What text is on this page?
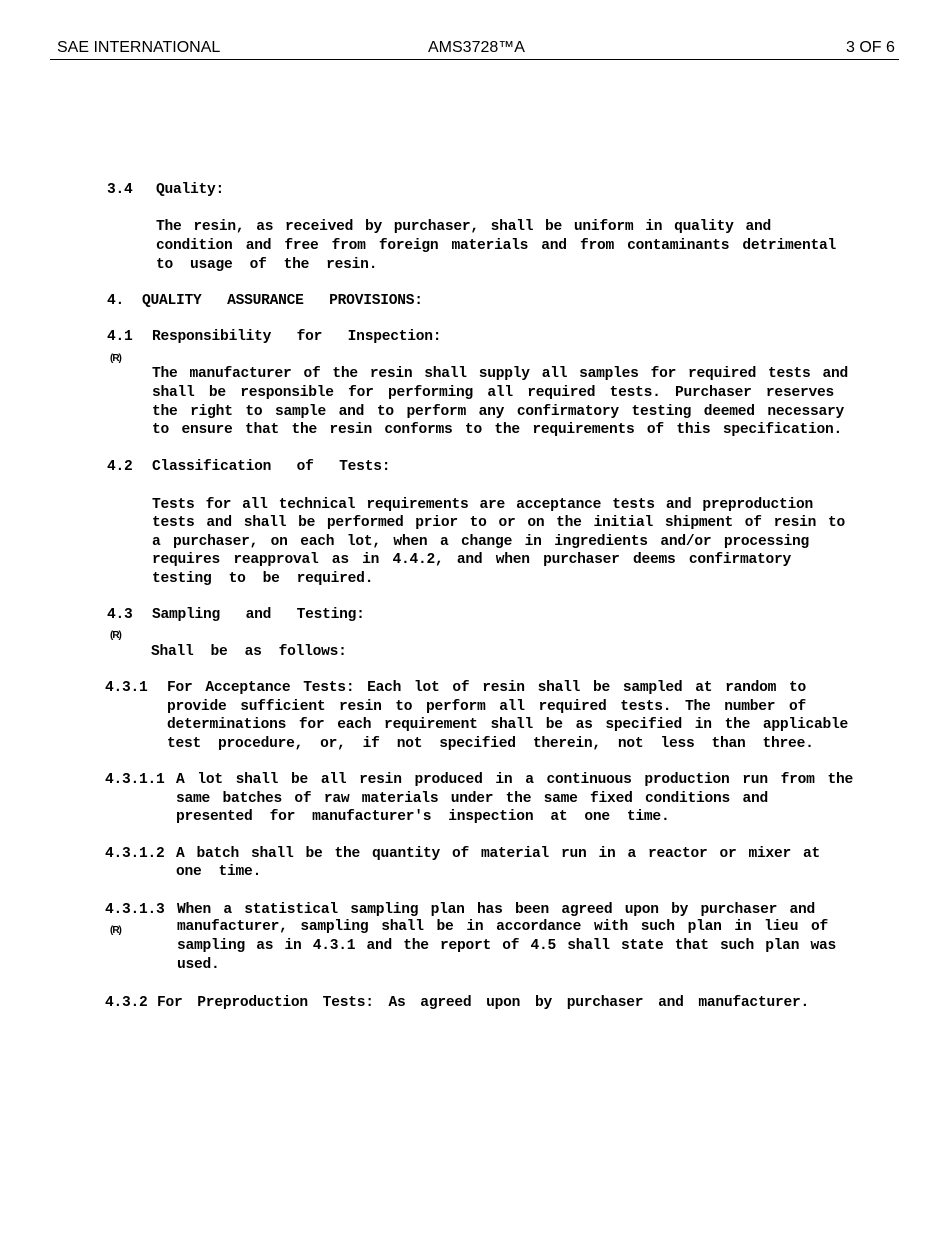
SAE INTERNATIONAL	AMS3728™A	3 OF 6
3.4 Quality:
The resin, as received by purchaser, shall be uniform in quality and
condition and free from foreign materials and from contaminants detrimental
to  usage  of  the  resin.
4. QUALITY   ASSURANCE   PROVISIONS:
4.1 Responsibility   for   Inspection:
(R)
The manufacturer of the resin shall supply all samples for required tests and
shall be responsible for performing all required tests. Purchaser reserves
the right to sample and to perform any confirmatory testing deemed necessary
to ensure that the resin conforms to the requirements of this specification.
4.2 Classification   of   Tests:
Tests for all technical requirements are acceptance tests and preproduction
tests and shall be performed prior to or on the initial shipment of resin to
a purchaser, on each lot, when a change in ingredients and/or processing
requires reapproval as in 4.4.2, and when purchaser deems confirmatory
testing  to  be  required.
4.3 Sampling   and   Testing:
(R)
Shall  be  as  follows:
4.3.1 For Acceptance Tests: Each lot of resin shall be sampled at random to
provide sufficient resin to perform all required tests. The number of
determinations for each requirement shall be as specified in the applicable
test  procedure,  or,  if  not  specified  therein,  not  less  than  three.
4.3.1.1 A lot shall be all resin produced in a continuous production run from the
same batches of raw materials under the same fixed conditions and
presented  for  manufacturer's  inspection  at  one  time.
4.3.1.2 A batch shall be the quantity of material run in a reactor or mixer at
one  time.
4.3.1.3
(R)
When a statistical sampling plan has been agreed upon by purchaser and
manufacturer, sampling shall be in accordance with such plan in lieu of
sampling as in 4.3.1 and the report of 4.5 shall state that such plan was
used.
4.3.2 For Preproduction Tests: As agreed upon by purchaser and manufacturer.
